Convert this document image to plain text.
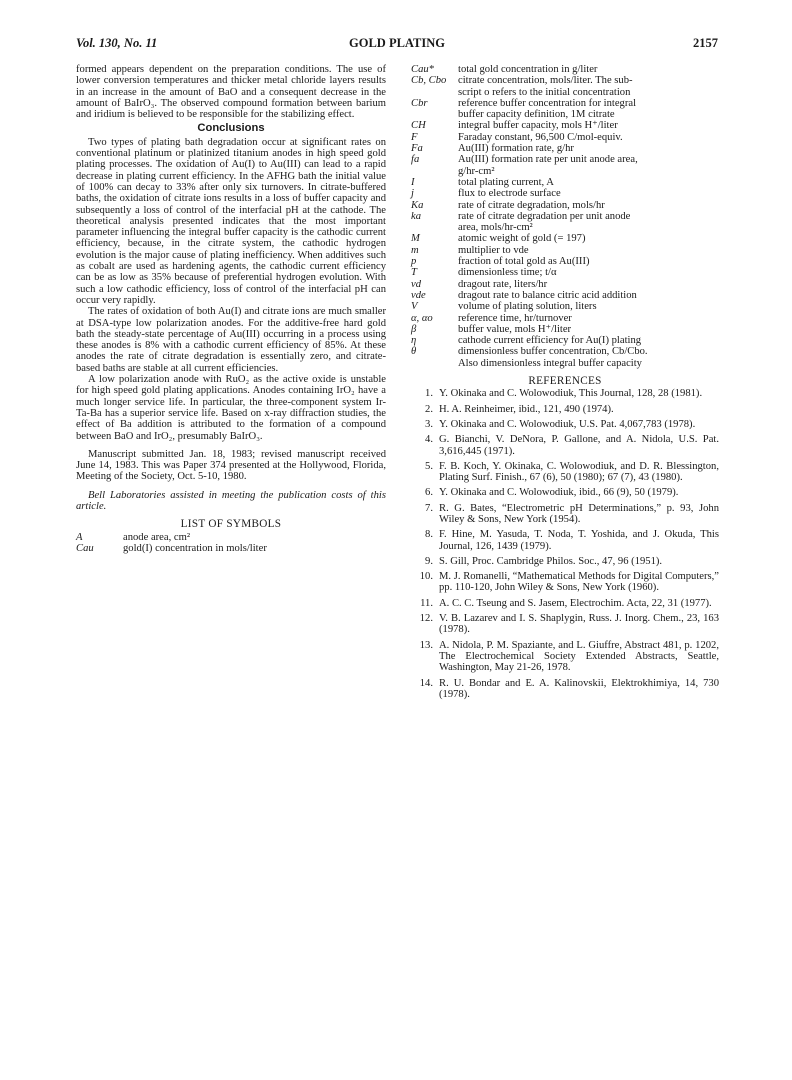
Vol. 130, No. 11	GOLD PLATING	2157

formed appears dependent on the preparation conditions. The use of lower conversion temperatures and thicker metal chloride layers results in an increase in the amount of BaO and a consequent decrease in the amount of BaIrO₃. The observed compound formation between barium and iridium is believed to be responsible for the stabilizing effect.

Conclusions

Two types of plating bath degradation occur at significant rates on conventional platinum or platinized titanium anodes in high speed gold plating processes. The oxidation of Au(I) to Au(III) can lead to a rapid decrease in plating current efficiency. In the AFHG bath the initial value of 100% can decay to 33% after only six turnovers. In citrate-buffered baths, the oxidation of citrate ions results in a loss of buffer capacity and subsequently a loss of control of the interfacial pH at the cathode. The theoretical analysis presented indicates that the most important parameter influencing the integral buffer capacity is the cathodic current efficiency, because, in the citrate system, the cathodic hydrogen evolution is the major cause of plating inefficiency. When additives such as cobalt are used as hardening agents, the cathodic current efficiency can be as low as 35% because of preferential hydrogen evolution. With such a low cathodic efficiency, loss of control of the interfacial pH can occur very rapidly.

The rates of oxidation of both Au(I) and citrate ions are much smaller at DSA-type low polarization anodes. For the additive-free hard gold bath the steady-state percentage of Au(III) occurring in a process using these anodes is 8% with a cathodic current efficiency of 85%. At these anodes the rate of citrate degradation is essentially zero, and citrate-based baths are stable at all current efficiencies.

A low polarization anode with RuO₂ as the active oxide is unstable for high speed gold plating applications. Anodes containing IrO₂ have a much longer service life. In particular, the three-component system Ir-Ta-Ba has a superior service life. Based on x-ray diffraction studies, the effect of Ba addition is attributed to the formation of a compound between BaO and IrO₂, presumably BaIrO₃.

Manuscript submitted Jan. 18, 1983; revised manuscript received June 14, 1983. This was Paper 374 presented at the Hollywood, Florida, Meeting of the Society, Oct. 5-10, 1980.

Bell Laboratories assisted in meeting the publication costs of this article.

LIST OF SYMBOLS
A	anode area, cm²
Cau	gold(I) concentration in mols/liter
Cau*	total gold concentration in g/liter
Cb, Cbo	citrate concentration, mols/liter. The sub-
script o refers to the initial concentration
Cbr	reference buffer concentration for integral
buffer capacity definition, 1M citrate
CH	integral buffer capacity, mols H⁺/liter
F	Faraday constant, 96,500 C/mol-equiv.
Fa	Au(III) formation rate, g/hr
fa	Au(III) formation rate per unit anode area,
g/hr-cm²
I	total plating current, A
j	flux to electrode surface
Ka	rate of citrate degradation, mols/hr
ka	rate of citrate degradation per unit anode
area, mols/hr-cm²
M	atomic weight of gold (= 197)
m	multiplier to vde
p	fraction of total gold as Au(III)
T	dimensionless time; t/α
vd	dragout rate, liters/hr
vde	dragout rate to balance citric acid addition
V	volume of plating solution, liters
α, αo	reference time, hr/turnover
β	buffer value, mols H⁺/liter
η	cathode current efficiency for Au(I) plating
θ	dimensionless buffer concentration, Cb/Cbo.
Also dimensionless integral buffer capacity
REFERENCES
1. Y. Okinaka and C. Wolowodiuk, This Journal, 128, 28 (1981).
2. H. A. Reinheimer, ibid., 121, 490 (1974).
3. Y. Okinaka and C. Wolowodiuk, U.S. Pat. 4,067,783 (1978).
4. G. Bianchi, V. DeNora, P. Gallone, and A. Nidola, U.S. Pat. 3,616,445 (1971).
5. F. B. Koch, Y. Okinaka, C. Wolowodiuk, and D. R. Blessington, Plating Surf. Finish., 67 (6), 50 (1980); 67 (7), 43 (1980).
6. Y. Okinaka and C. Wolowodiuk, ibid., 66 (9), 50 (1979).
7. R. G. Bates, “Electrometric pH Determinations,” p. 93, John Wiley & Sons, New York (1954).
8. F. Hine, M. Yasuda, T. Noda, T. Yoshida, and J. Okuda, This Journal, 126, 1439 (1979).
9. S. Gill, Proc. Cambridge Philos. Soc., 47, 96 (1951).
10. M. J. Romanelli, “Mathematical Methods for Digital Computers,” pp. 110-120, John Wiley & Sons, New York (1960).
11. A. C. C. Tseung and S. Jasem, Electrochim. Acta, 22, 31 (1977).
12. V. B. Lazarev and I. S. Shaplygin, Russ. J. Inorg. Chem., 23, 163 (1978).
13. A. Nidola, P. M. Spaziante, and L. Giuffre, Abstract 481, p. 1202, The Electrochemical Society Extended Abstracts, Seattle, Washington, May 21-26, 1978.
14. R. U. Bondar and E. A. Kalinovskii, Elektrokhimiya, 14, 730 (1978).
